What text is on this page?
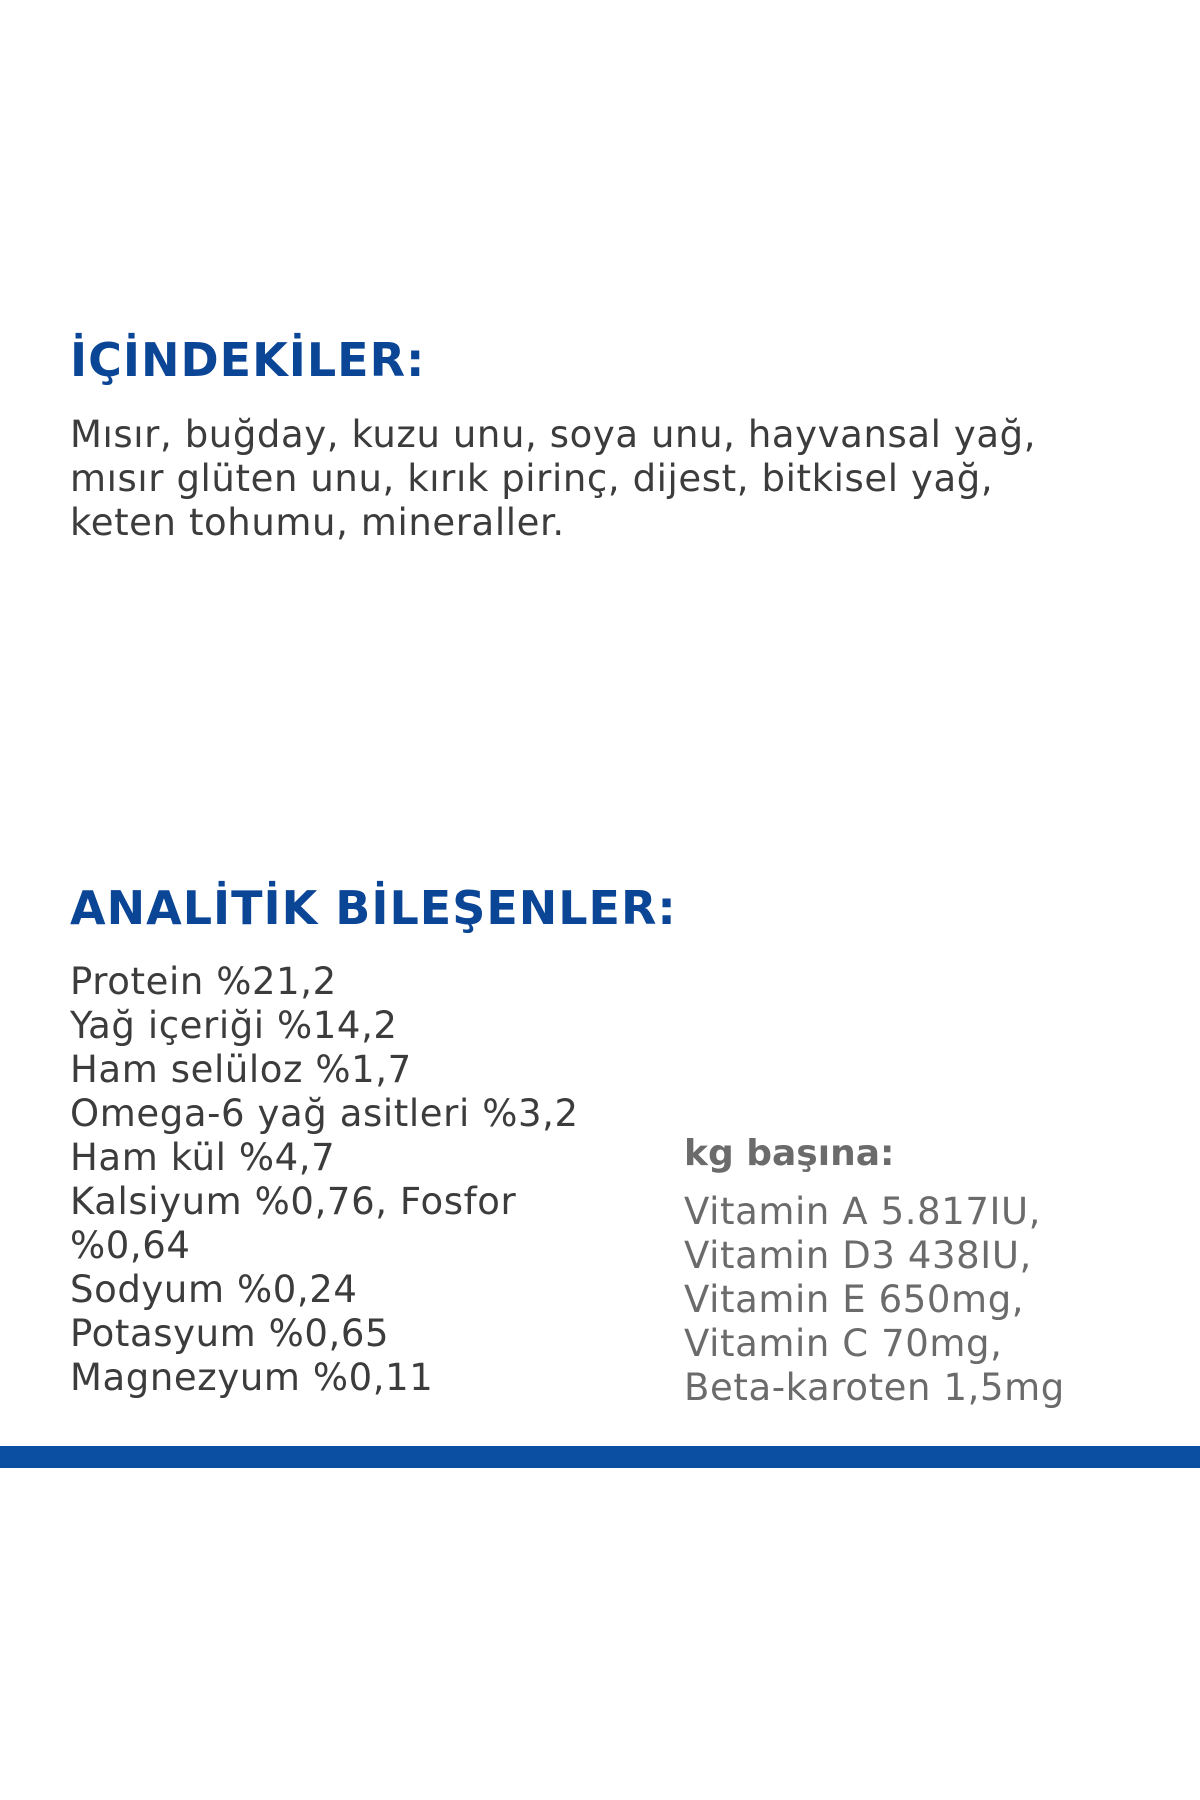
İÇİNDEKİLER:

Mısır, buğday, kuzu unu, soya unu, hayvansal yağ,
mısır glüten unu, kırık pirinç, dijest, bitkisel yağ,
keten tohumu, mineraller.

ANALİTİK BİLEŞENLER:
Protein %21,2
Yağ içeriği %14,2
Ham selüloz %1,7
Omega-6 yağ asitleri %3,2
Ham kül %4,7
Kalsiyum %0,76, Fosfor
%0,64
Sodyum %0,24
Potasyum %0,65
Magnezyum %0,11
kg başına:
Vitamin A 5.817IU,
Vitamin D3 438IU,
Vitamin E 650mg,
Vitamin C 70mg,
Beta-karoten 1,5mg
